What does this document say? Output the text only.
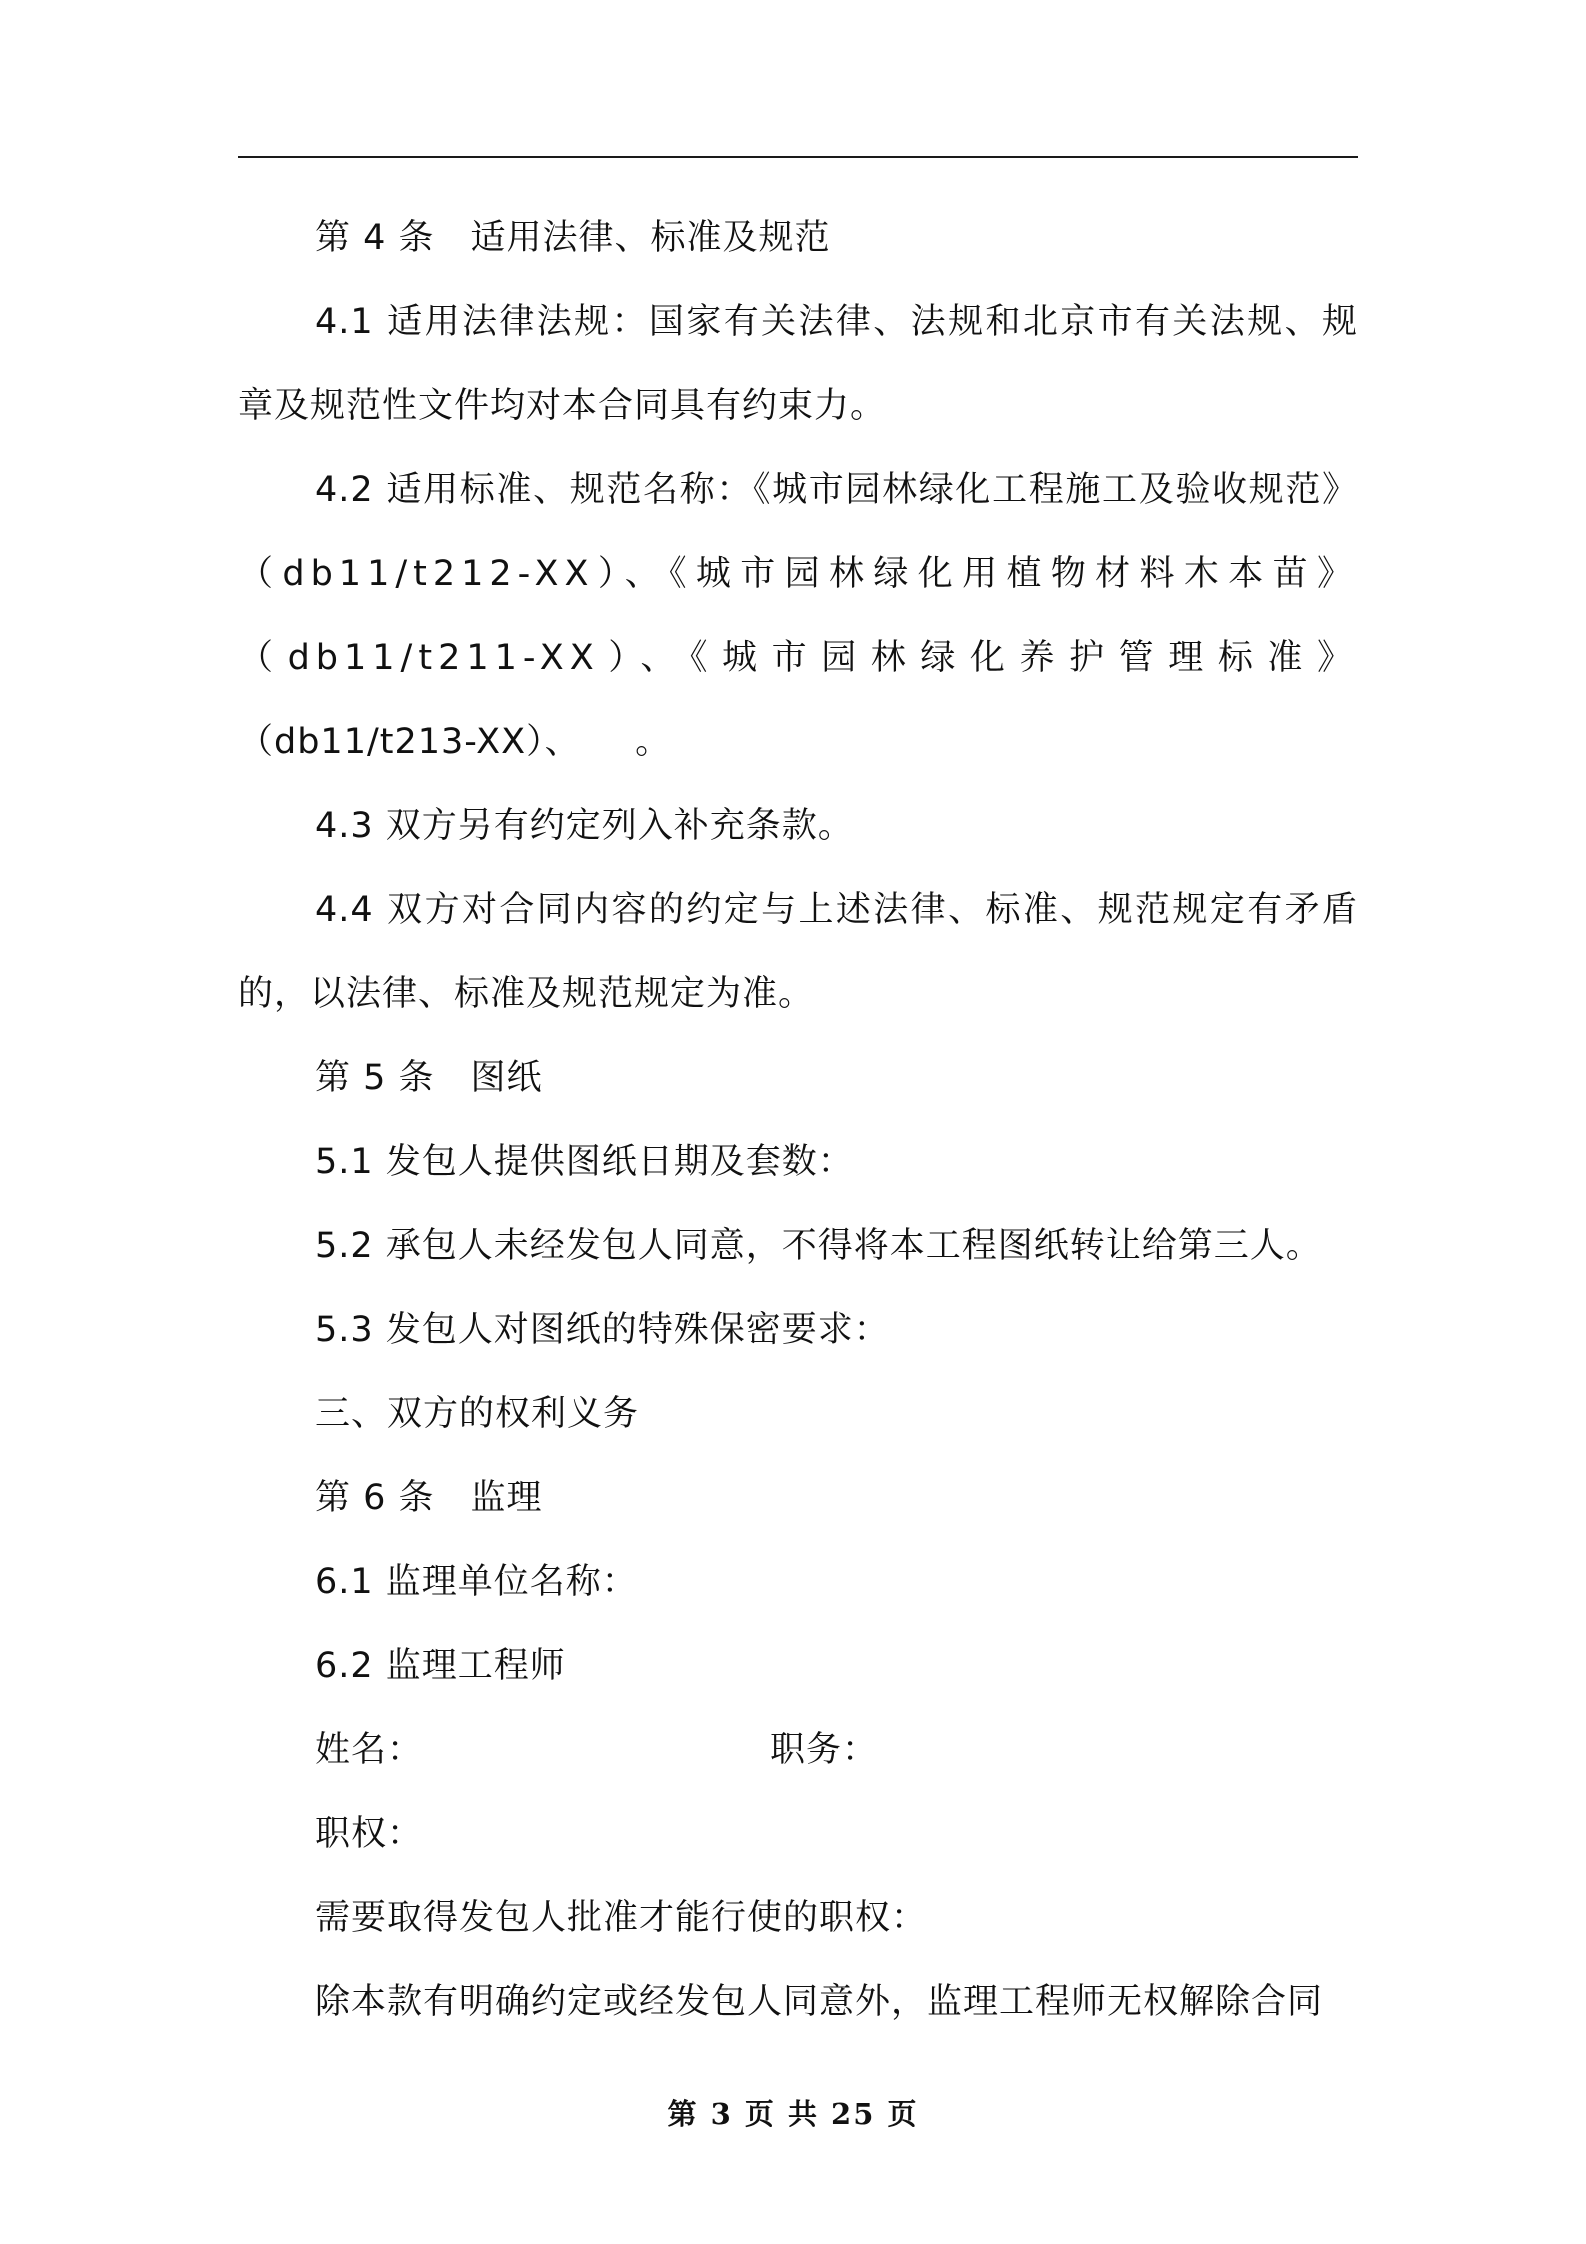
第 4 条　适用法律、标准及规范

4.1 适用法律法规：国家有关法律、法规和北京市有关法规、规

章及规范性文件均对本合同具有约束力。

4.2 适用标准、规范名称：《城市园林绿化工程施工及验收规范》

（db11/t212-XX）、《城市园林绿化用植物材料木本苗》

（db11/t211-XX）、《城市园林绿化养护管理标准》

（db11/t213-XX）、　　。

4.3 双方另有约定列入补充条款。

4.4 双方对合同内容的约定与上述法律、标准、规范规定有矛盾

的，以法律、标准及规范规定为准。

第 5 条　图纸

5.1 发包人提供图纸日期及套数：

5.2 承包人未经发包人同意，不得将本工程图纸转让给第三人。

5.3 发包人对图纸的特殊保密要求：

三、双方的权利义务

第 6 条　监理

6.1 监理单位名称：

6.2 监理工程师

姓名：	职务：

职权：

需要取得发包人批准才能行使的职权：

除本款有明确约定或经发包人同意外，监理工程师无权解除合同

第 3 页 共 25 页
